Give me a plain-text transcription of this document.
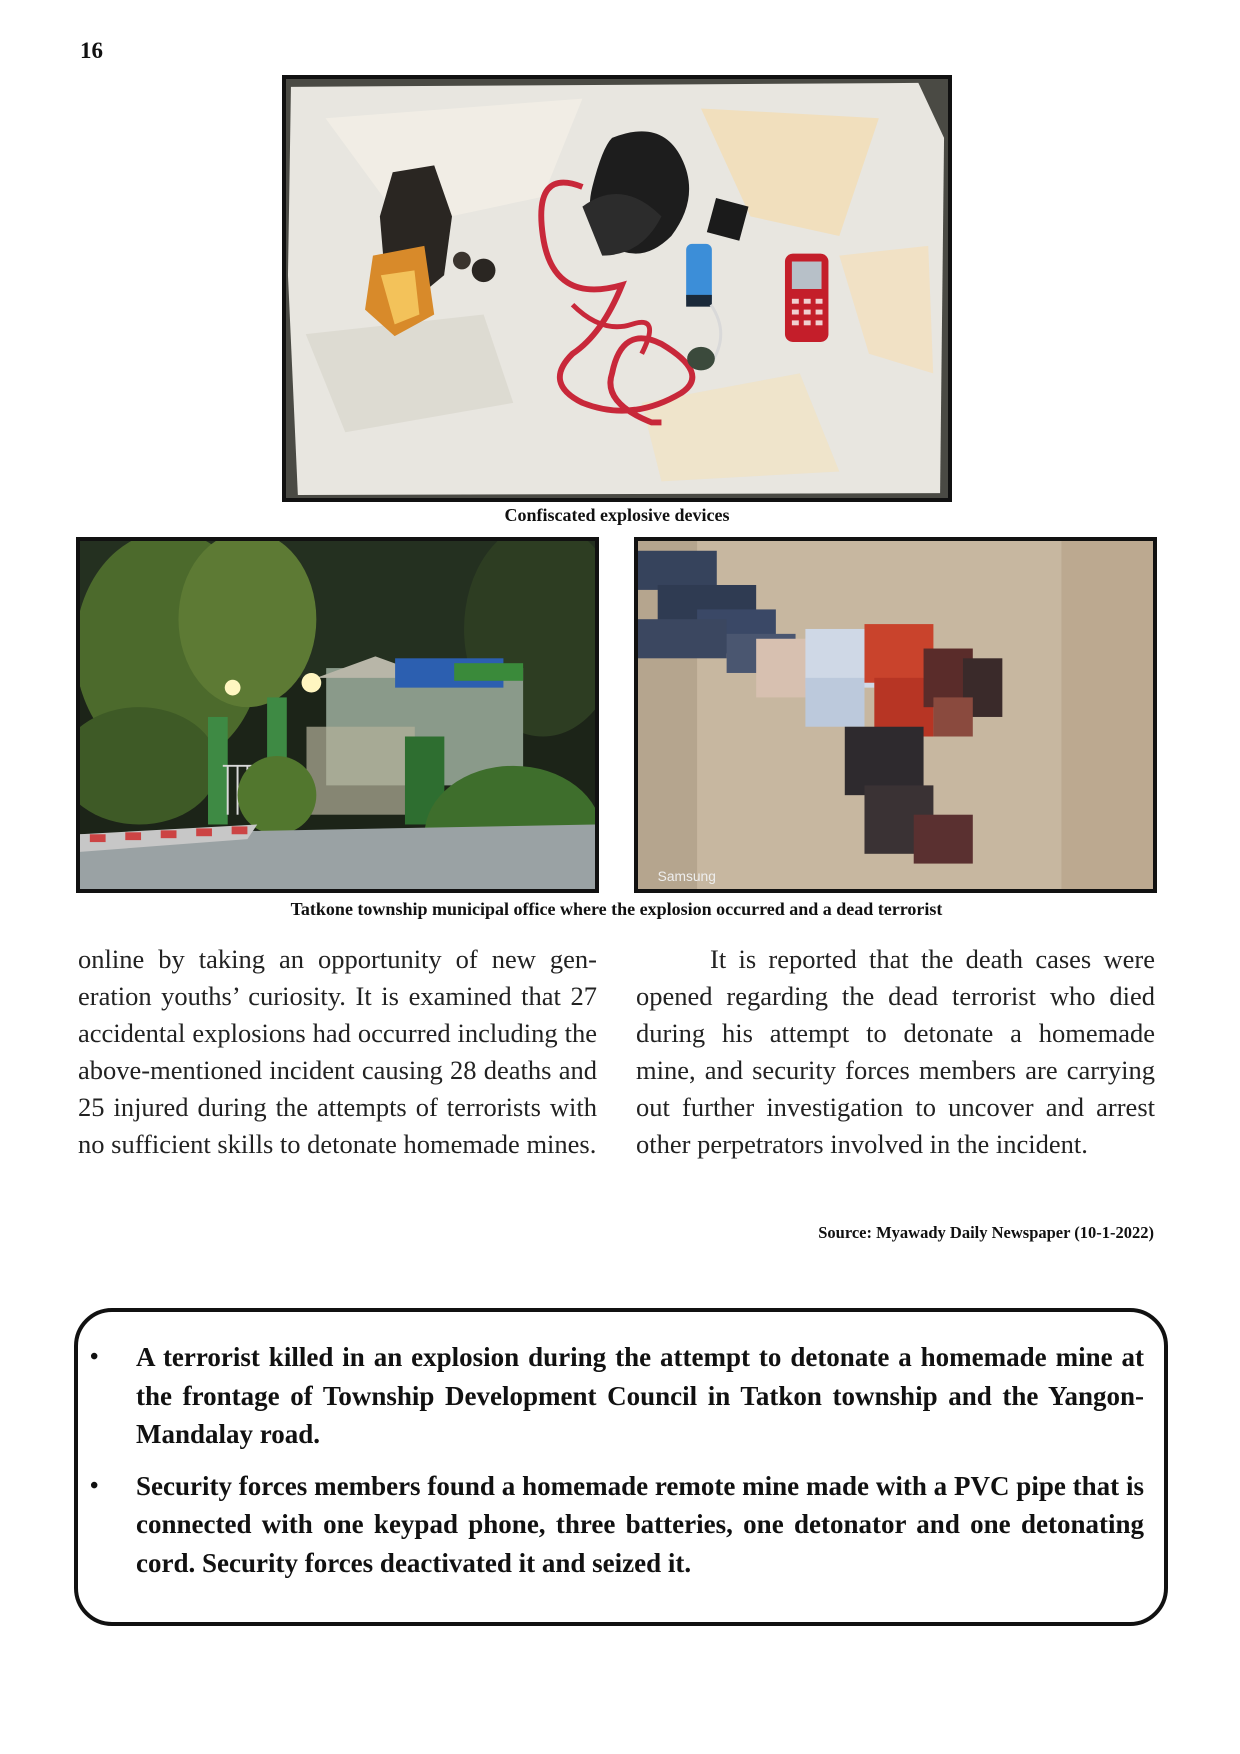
16
Confiscated explosive devices
Samsung
Tatkone township municipal office where the explosion occurred and a dead terrorist

online by taking an opportunity of new generation youths’ curiosity. It is examined that 27 accidental explosions had occurred including the above-mentioned incident causing 28 deaths and 25 injured during the attempts of terrorists with no sufficient skills to detonate homemade mines.

It is reported that the death cases were opened regarding the dead terrorist who died during his attempt to detonate a homemade mine, and security forces members are carrying out further investigation to uncover and arrest other perpetrators involved in the incident.

Source: Myawady Daily Newspaper (10-1-2022)
• A terrorist killed in an explosion during the attempt to detonate a homemade mine at the frontage of Township Development Council in Tatkon township and the Yangon-Mandalay road.
• Security forces members found a homemade remote mine made with a PVC pipe that is connected with one keypad phone, three batteries, one detonator and one detonating cord. Security forces deactivated it and seized it.
